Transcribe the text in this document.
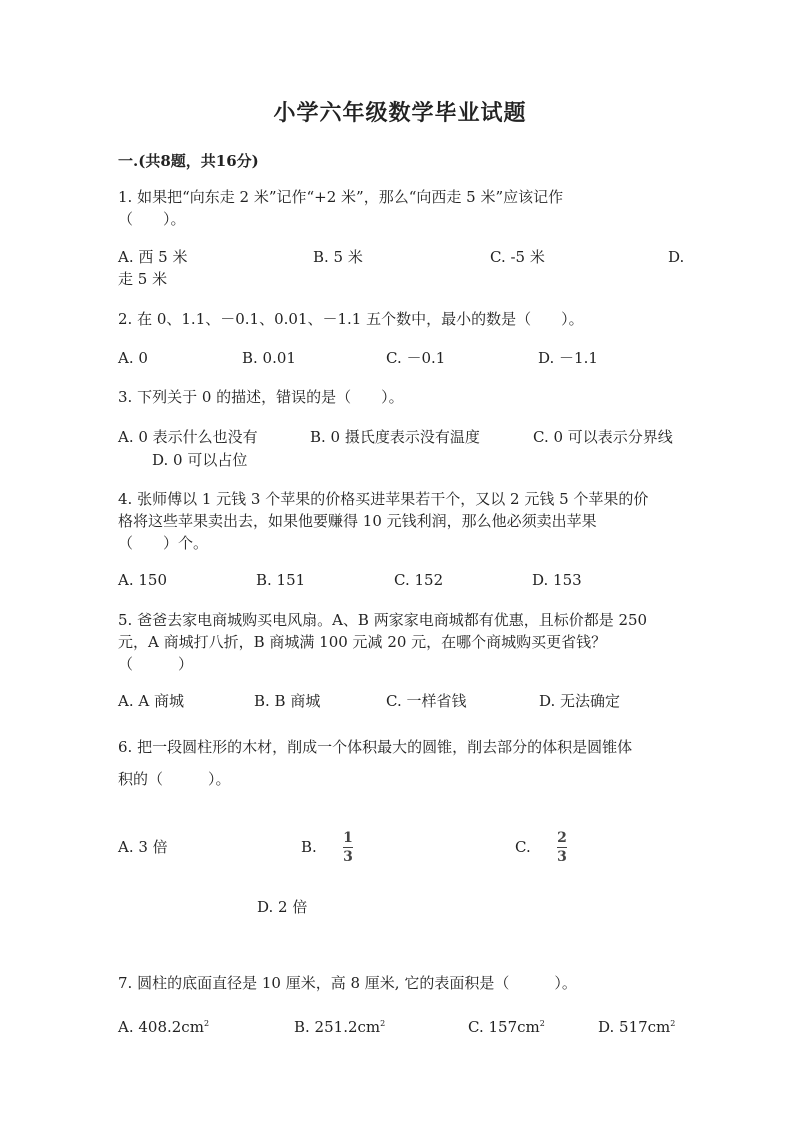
小学六年级数学毕业试题
一.(共8题，共16分)
1. 如果把“向东走 2 米”记作“+2 米”，那么“向西走 5 米”应该记作
（　　）。
A. 西 5 米	B. 5 米	C. -5 米	D.
走 5 米
2. 在 0、1.1、－0.1、0.01、－1.1 五个数中，最小的数是（　　）。
A. 0	B. 0.01	C. －0.1	D. －1.1
3. 下列关于 0 的描述，错误的是（　　）。
A. 0 表示什么也没有	B. 0 摄氏度表示没有温度	C. 0 可以表示分界线
D. 0 可以占位
4. 张师傅以 1 元钱 3 个苹果的价格买进苹果若干个，又以 2 元钱 5 个苹果的价
格将这些苹果卖出去，如果他要赚得 10 元钱利润，那么他必须卖出苹果
（　　）个。
A. 150	B. 151	C. 152	D. 153
5. 爸爸去家电商城购买电风扇。A、B 两家家电商城都有优惠，且标价都是 250
元，A 商城打八折，B 商城满 100 元减 20 元，在哪个商城购买更省钱？
（　　　）
A. A 商城	B. B 商城	C. 一样省钱	D. 无法确定
6. 把一段圆柱形的木材，削成一个体积最大的圆锥，削去部分的体积是圆锥体
积的（　　　）。
A. 3 倍	B. 1
3
C. 2
3
D. 2 倍
7. 圆柱的底面直径是 10 厘米，高 8 厘米, 它的表面积是（　　　）。
A. $408.2cm^2$	B. $251.2cm^2$	C. $157cm^2$	D. $517cm^2$
